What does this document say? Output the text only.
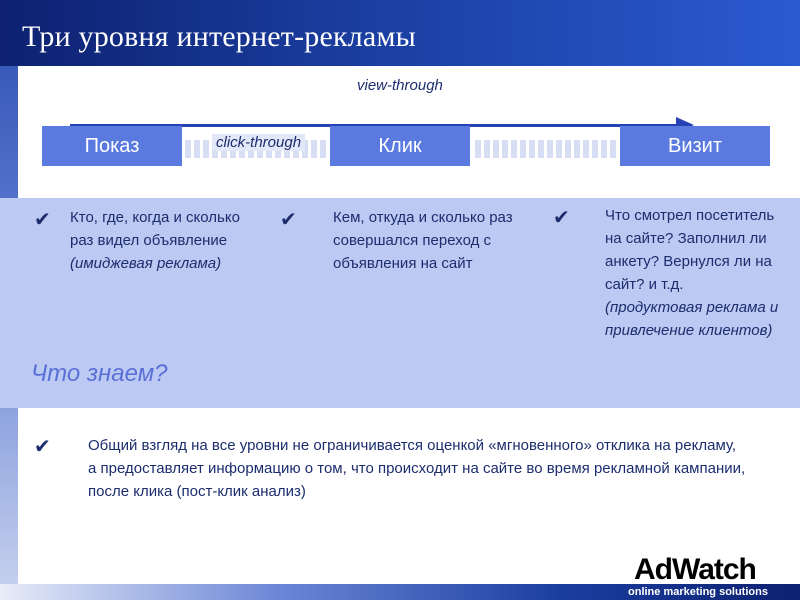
Три уровня интернет-рекламы
view-through
Показ	click-through	Клик	Визит
✔ Кто, где, когда и сколько раз видел объявление (имиджевая реклама)
✔ Кем, откуда и сколько раз совершался переход с объявления на сайт
✔ Что смотрел посетитель на сайте? Заполнил ли анкету? Вернулся ли на сайт? и т.д. (продуктовая реклама и привлечение клиентов)
Что знаем?
✔ Общий взгляд на все уровни не ограничивается оценкой «мгновенного» отклика на рекламу, а предоставляет информацию о том, что происходит на сайте во время рекламной кампании, после клика (пост-клик анализ)
AdWatch
online marketing solutions
